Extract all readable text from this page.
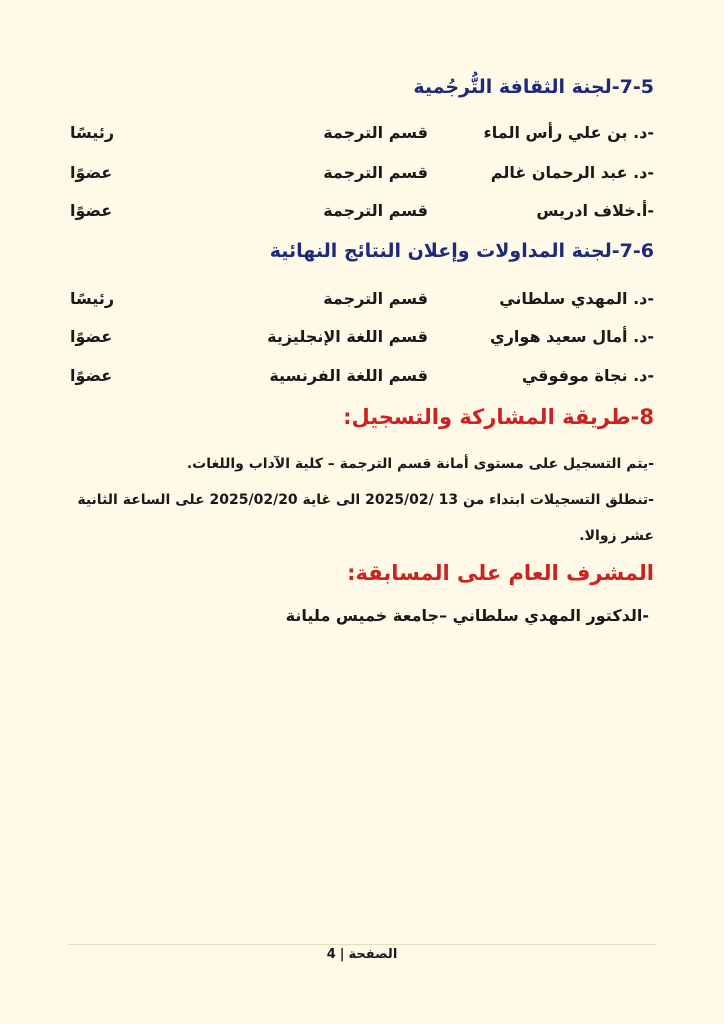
7-5-لجنة الثقافة التُّرجُمية
-د. بن علي رأس الماء
قسم الترجمة
رئيسًا
-د. عبد الرحمان غالم
قسم الترجمة
عضوًا
-أ.خلاف ادريس
قسم الترجمة
عضوًا
7-6-لجنة المداولات وإعلان النتائج النهائية
-د. المهدي سلطاني
قسم الترجمة
رئيسًا
-د. أمال سعيد هواري
قسم اللغة الإنجليزية
عضوًا
-د. نجاة موفوقي
قسم اللغة الفرنسية
عضوًا
8-طريقة المشاركة والتسجيل:

-يتم التسجيل على مستوى أمانة قسم الترجمة – كلية الآداب واللغات.

-تنطلق التسجيلات ابتداء من 13 /2025/02 الى غاية 2025/02/20 على الساعة الثانية عشر زوالا.

المشرف العام على المسابقة:

-الدكتور المهدي سلطاني –جامعة خميس مليانة

الصفحة|4
